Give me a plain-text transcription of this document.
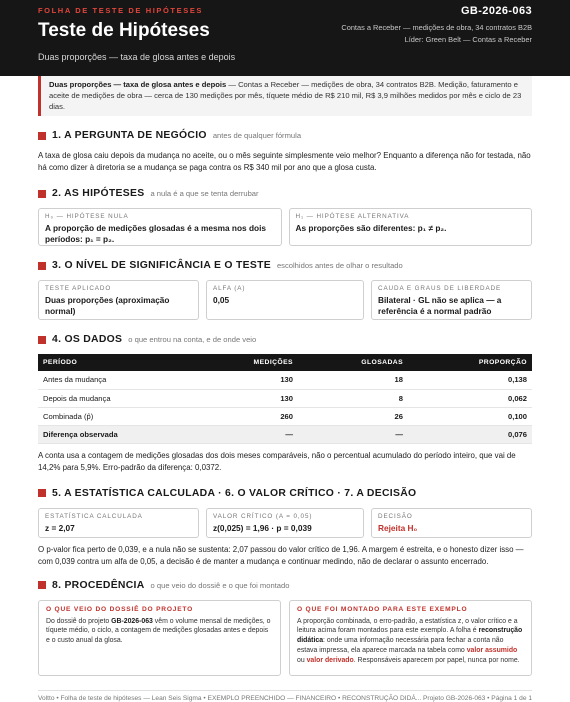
FOLHA DE TESTE DE HIPÓTESES
Teste de Hipóteses
GB-2026-063
Contas a Receber — medições de obra, 34 contratos B2B
Líder: Green Belt — Contas a Receber
Duas proporções — taxa de glosa antes e depois
Duas proporções — taxa de glosa antes e depois — Contas a Receber — medições de obra, 34 contratos B2B. Medição, faturamento e aceite de medições de obra — cerca de 130 medições por mês, tíquete médio de R$ 210 mil, R$ 3,9 milhões medidos por mês e ciclo de 23 dias.
1. A PERGUNTA DE NEGÓCIO antes de qualquer fórmula

A taxa de glosa caiu depois da mudança no aceite, ou o mês seguinte simplesmente veio melhor? Enquanto a diferença não for testada, não há como dizer à diretoria se a mudança se paga contra os R$ 340 mil por ano que a glosa custa.

2. AS HIPÓTESES a nula é a que se tenta derrubar
H₀ — HIPÓTESE NULA
A proporção de medições glosadas é a mesma nos dois períodos: p₁ = p₂.
H₁ — HIPÓTESE ALTERNATIVA
As proporções são diferentes: p₁ ≠ p₂.
3. O NÍVEL DE SIGNIFICÂNCIA E O TESTE escolhidos antes de olhar o resultado
TESTE APLICADO
Duas proporções (aproximação normal)
ALFA (Α)
0,05
CAUDA E GRAUS DE LIBERDADE
Bilateral · GL não se aplica — a referência é a normal padrão
4. OS DADOS o que entrou na conta, e de onde veio
PERÍODO	MEDIÇÕES	GLOSADAS	PROPORÇÃO
Antes da mudança	130	18	0,138
Depois da mudança	130	8	0,062
Combinada (p̂)	260	26	0,100
Diferença observada	—	—	0,076

A conta usa a contagem de medições glosadas dos dois meses comparáveis, não o percentual acumulado do período inteiro, que vai de 14,2% para 5,9%. Erro-padrão da diferença: 0,0372.

5. A ESTATÍSTICA CALCULADA · 6. O VALOR CRÍTICO · 7. A DECISÃO
ESTATÍSTICA CALCULADA
z = 2,07
VALOR CRÍTICO (Α = 0,05)
z(0,025) = 1,96 · p = 0,039
DECISÃO
Rejeita H₀

O p-valor fica perto de 0,039, e a nula não se sustenta: 2,07 passou do valor crítico de 1,96. A margem é estreita, e o honesto dizer isso — com 0,039 contra um alfa de 0,05, a decisão é de manter a mudança e continuar medindo, não de declarar o assunto encerrado.

8. PROCEDÊNCIA o que veio do dossiê e o que foi montado
O QUE VEIO DO DOSSIÊ DO PROJETO
Do dossiê do projeto GB-2026-063 vêm o volume mensal de medições, o tíquete médio, o ciclo, a contagem de medições glosadas antes e depois e o custo anual da glosa.
O QUE FOI MONTADO PARA ESTE EXEMPLO
A proporção combinada, o erro-padrão, a estatística z, o valor crítico e a leitura acima foram montados para este exemplo. A folha é reconstrução didática: onde uma informação necessária para fechar a conta não estava impressa, ela aparece marcada na tabela como valor assumido ou valor derivado. Responsáveis aparecem por papel, nunca por nome.
Voltto • Folha de teste de hipóteses — Lean Seis Sigma • EXEMPLO PREENCHIDO — FINANCEIRO • RECONSTRUÇÃO DIDÁ... Projeto GB-2026-063 • Página 1 de 1
